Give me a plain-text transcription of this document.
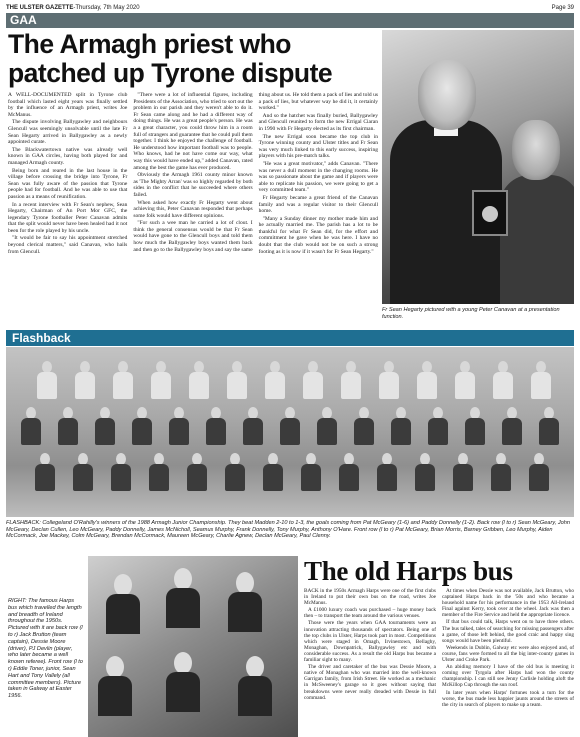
THE ULSTER GAZETTE-Thursday, 7th May 2020	Page 39
GAA
The Armagh priest who patched up Tyrone dispute

A WELL-DOCUMENTED split in Tyrone club football which lasted eight years was finally settled by the influence of an Armagh priest, writes Joe McManus.

The dispute involving Ballygawley and neighbours Glencull was seemingly unsolvable until the late Fr Sean Hegarty arrived in Ballygawley as a newly appointed curate.

The Blackwatertown native was already well known in GAA circles, having both played for and managed Armagh county.

Being born and reared in the last house in the village before crossing the bridge into Tyrone, Fr Sean was fully aware of the passion that Tyrone people had for football. And he was able to use that passion as a means of reunification.

In a recent interview with Fr Sean's nephew, Sean Hegarty, Chairman of An Port Mor GFC, the legendary Tyrone footballer Peter Canavan admits that the split would never have been healed had it not been for the role played by his uncle.

"It would be fair to say his appointment stretched beyond clerical matters," said Canavan, who hails from Glencull.

"There were a lot of influential figures, including Presidents of the Association, who tried to sort out the problem in our parish and they weren't able to do it. Fr Sean came along and he had a different way of doing things. He was a great people's person. He was a a great character, you could throw him in a room full of strangers and guarantee that he could pull them together. I think he enjoyed the challenge of football. He understood how important football was to people. Who knows, had he not have come our way, what way this would have ended up," added Canavan, rated among the best the game has ever produced.

Obviously the Armagh 1961 county minor known as 'The Mighty Arran' was so highly regarded by both sides in the conflict that he succeeded where others failed.

When asked how exactly Fr Hegarty went about achieving this, Peter Canavan responded that perhaps some folk would have different opinions.

"For such a wee man he carried a lot of clout. I think the general consensus would be that Fr Sean would have gone to the Glencull boys and told them how much the Ballygawley boys wanted them back and then go to the Ballygawley boys and say the same thing about us. He told them a pack of lies and told us a pack of lies, but whatever way he did it, it certainly worked."

And so the hatchet was finally buried, Ballygawley and Glencull reunited to form the new Errigal Ciaran in 1990 with Fr Hegarty elected as its first chairman.

The new Errigal soon became the top club in Tyrone winning county and Ulster titles and Fr Sean was very much linked to this early success, inspiring players with his pre-match talks.

"He was a great motivator," adds Canavan. "There was never a dull moment in the changing rooms. He was so passionate about the game and if players were able to replicate his passion, we were going to get a very committed team."

Fr Hegarty became a great friend of the Canavan family and was a regular visitor to their Glencull home.

"Many a Sunday dinner my mother made him and he actually married me. The parish has a lot to be thankful for what Fr Sean did, for the effort and commitment he gave when he was here. I have no doubt that the club would not be on such a strong footing as it is now if it wasn't for Fr Sean Hegarty."

Fr Sean Hegarty pictured with a young Peter Canavan at a presentation function.
Flashback
FLASHBACK: Collegeland O'Rahilly's winners of the 1988 Armagh Junior Championship. They beat Madden 2-10 to 1-3, the goals coming from Pat McGeary (1-6) and Paddy Donnelly (1-2). Back row (l to r) Sean McGeary, John McGeary, Declan Cullen, Leo McGeary, Paddy Donnelly, James McNicholl, Seamus Murphy, Frank Donnelly, Tony Murphy, Anthony O'Hare. Front row (l to r) Pat McGeary, Brian Morris, Barney Gribben, Leo Murphy, Aiden McCormack, Joe Mackey, Colm McGeary, Brendan McCormack, Maureen McGeary, Charlie Agnew, Declan McGeary, Paul Clenny.
RIGHT: The famous Harps bus which travelled the length and breadth of Ireland throughout the 1950s. Pictured with it are back row (l to r) Jack Brutton (team captain), Dessie Moore (driver), PJ Devlin (player, who later became a well known referee). Front row (l to r) Eddie Toner, junior, Sean Hart and Tony Vallely (all committee members). Picture taken in Galway at Easter 1956.
The old Harps bus

BACK in the 1950s Armagh Harps were one of the first clubs in Ireland to put their own bus on the road, writes Joe McManus.

A £1000 luxury coach was purchased – huge money back then – to transport the team around the various venues.

Those were the years when GAA tournaments were an innovation attracting thousands of spectators. Being one of the top clubs in Ulster, Harps took part in most. Competitions which were staged in Omagh, Irvinestown, Bellaghy, Monaghan, Downpatrick, Ballygawley etc and with considerable success. As a result the old Harps bus became a familiar sight to many.

The driver and caretaker of the bus was Dessie Moore, a native of Monaghan who was married into the well-known Garrigan family, from Irish Street. He worked as a mechanic in McSweeney's garage so it goes without saying that breakdowns were never really dreaded with Dessie in full command.

At times when Dessie was not available, Jack Brutton, who captained Harps back in the '50s and who became a household name for his performance in the 1953 All-Ireland Final against Kerry, took over at the wheel. Jack was then a member of the Fire Service and held the appropriate licence.

If that bus could talk, Harps went on to have three others. The bus talked, tales of searching for missing passengers after a game, of those left behind, the good craic and happy sing songs would have been plentiful.

Weekends in Dublin, Galway etc were also enjoyed and, of course, fans were formed to all the big inter-county games in Ulster and Croke Park.

An abiding memory I have of the old bus is meeting it coming over Tyrgola after Harps had won the county championship. I can still see Jenny Carlisle holding aloft the McKillop Cup through the sun roof.

In later years when Harps' fortunes took a turn for the worse, the bus made less happier jaunts around the streets of the city in search of players to make up a team.
